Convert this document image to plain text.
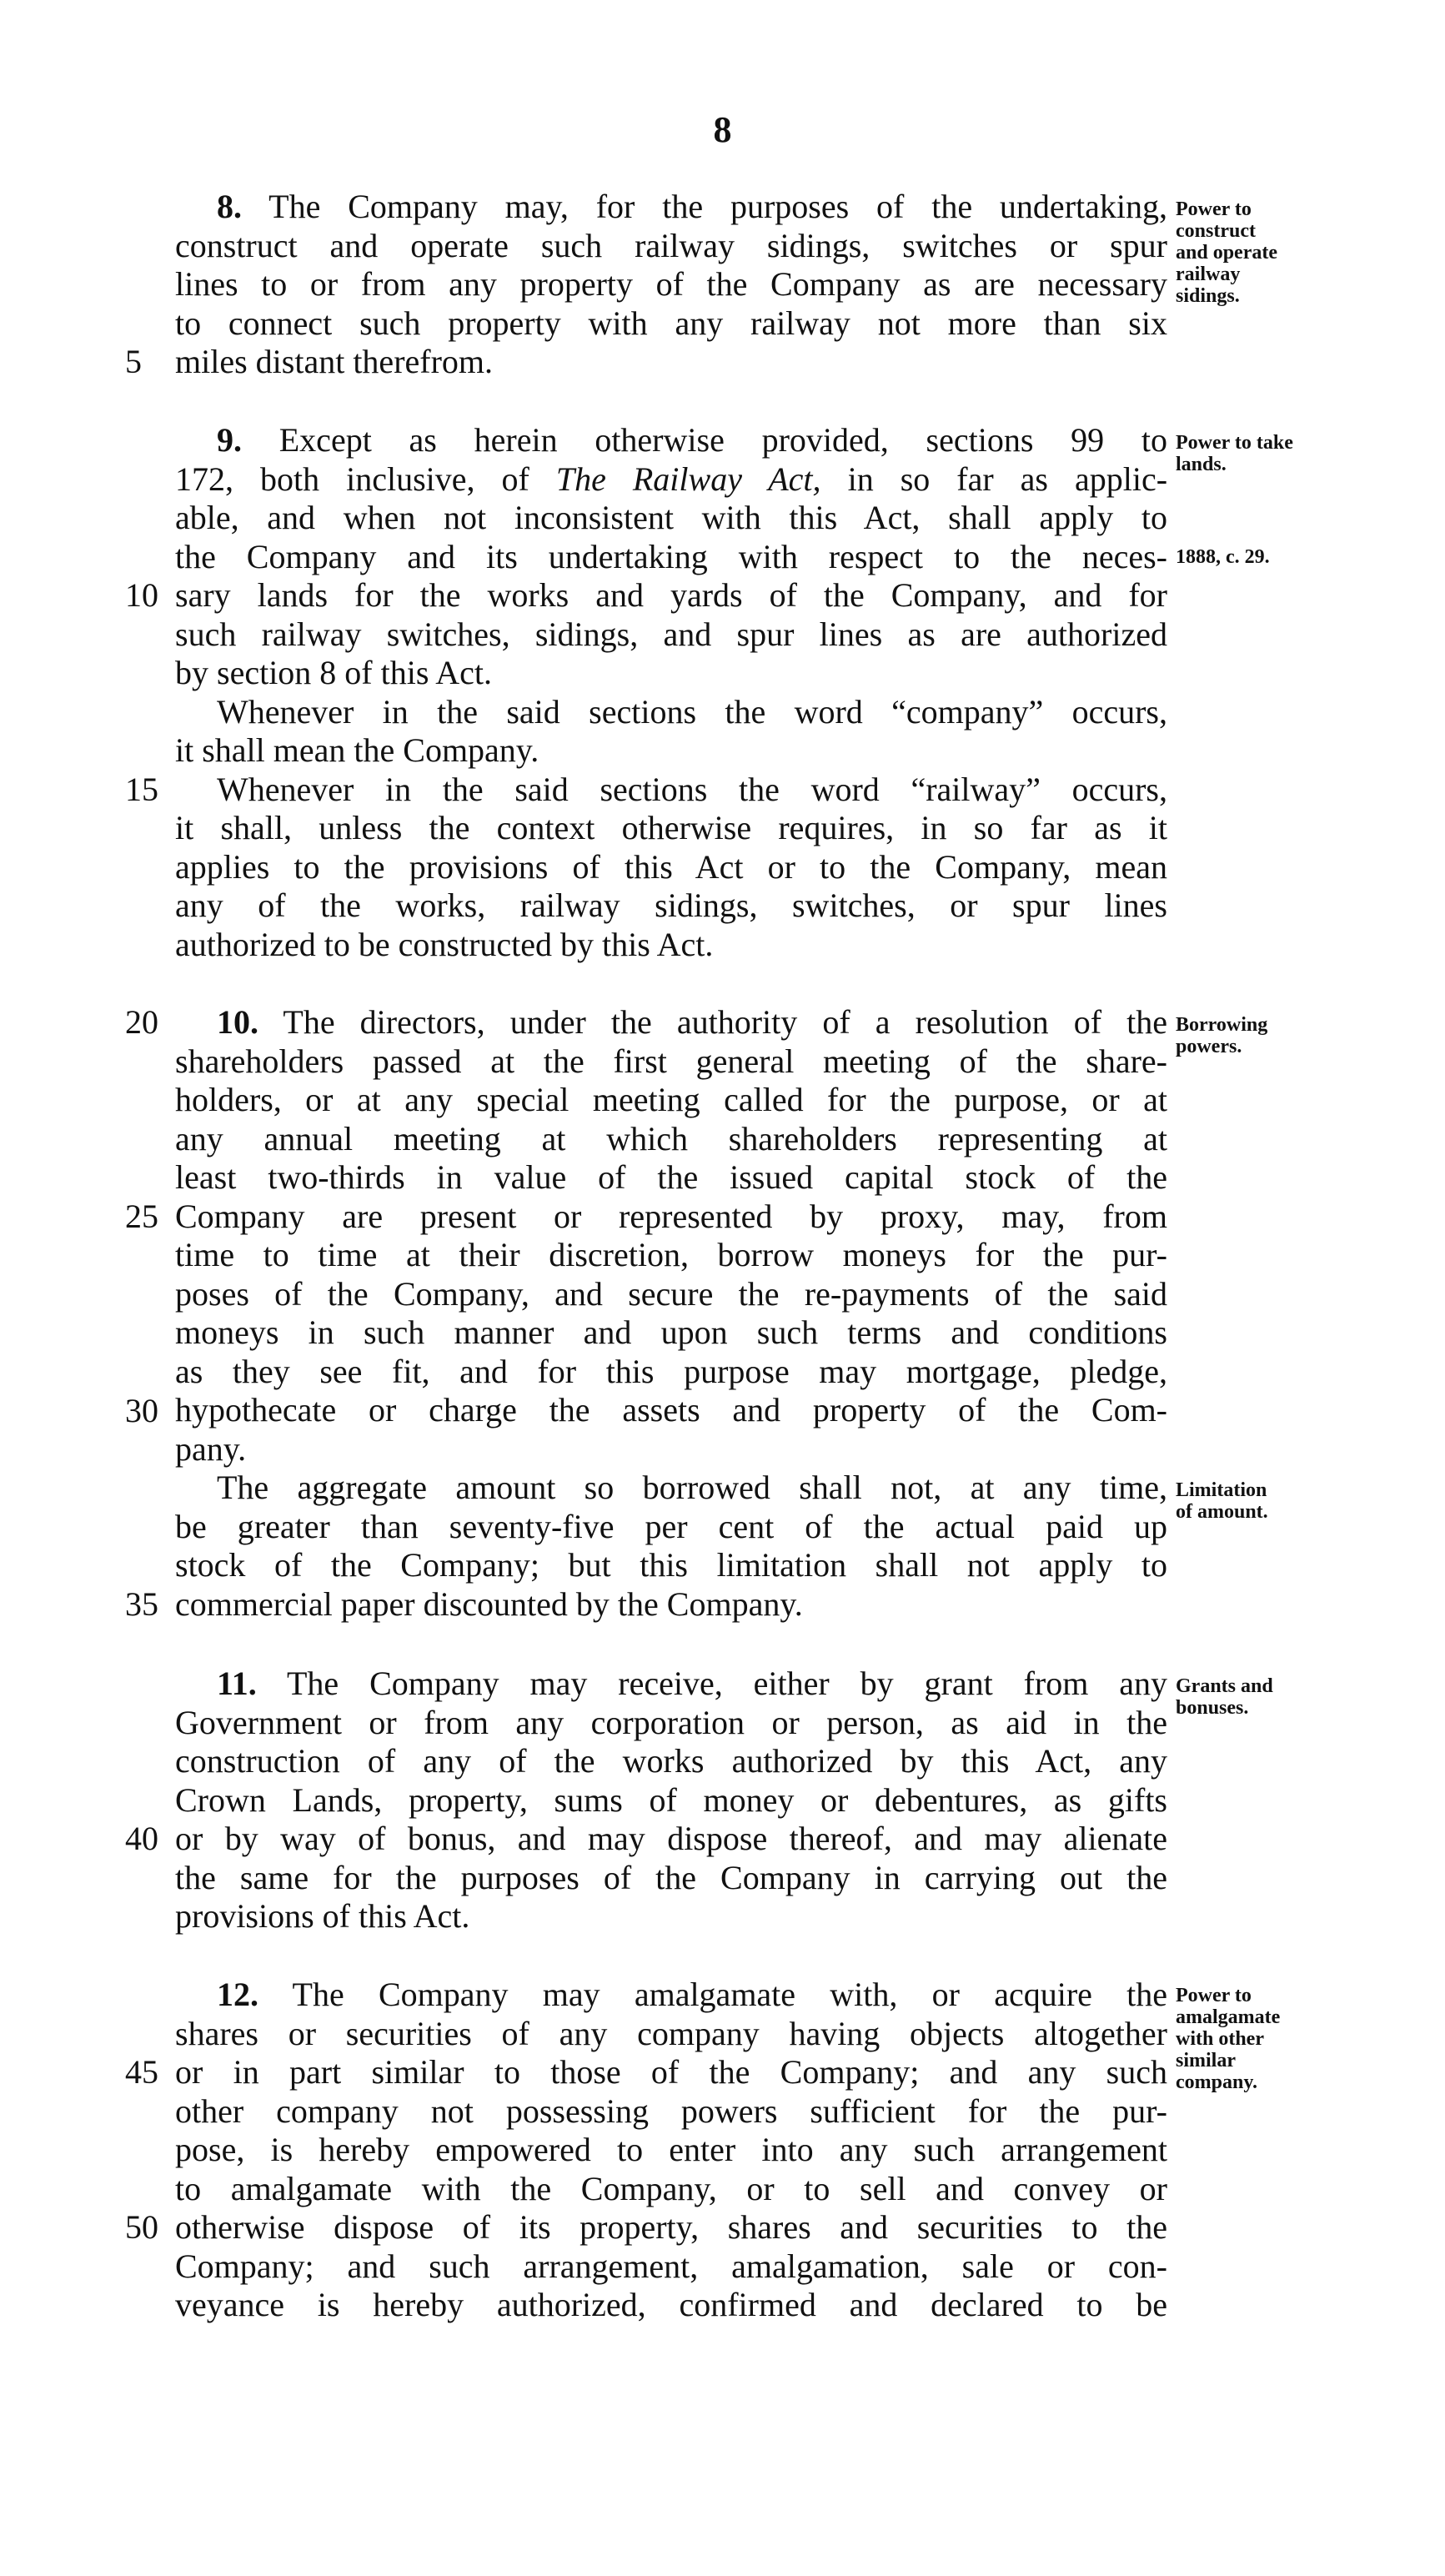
8
8. The Company may, for the purposes of the undertaking,
construct and operate such railway sidings, switches or spur
lines to or from any property of the Company as are necessary
to connect such property with any railway not more than six
miles distant therefrom.
Power to
construct
and operate
railway
sidings.
5
9. Except as herein otherwise provided, sections 99 to
172, both inclusive, of The Railway Act, in so far as applic-
able, and when not inconsistent with this Act, shall apply to
the Company and its undertaking with respect to the neces-
sary lands for the works and yards of the Company, and for
such railway switches, sidings, and spur lines as are authorized
by section 8 of this Act.
Whenever in the said sections the word “company” occurs,
it shall mean the Company.
Whenever in the said sections the word “railway” occurs,
it shall, unless the context otherwise requires, in so far as it
applies to the provisions of this Act or to the Company, mean
any of the works, railway sidings, switches, or spur lines
authorized to be constructed by this Act.
Power to take
lands.
1888, c. 29.
10
15
10. The directors, under the authority of a resolution of the
shareholders passed at the first general meeting of the share-
holders, or at any special meeting called for the purpose, or at
any annual meeting at which shareholders representing at
least two-thirds in value of the issued capital stock of the
Company are present or represented by proxy, may, from
time to time at their discretion, borrow moneys for the pur-
poses of the Company, and secure the re-payments of the said
moneys in such manner and upon such terms and conditions
as they see fit, and for this purpose may mortgage, pledge,
hypothecate or charge the assets and property of the Com-
pany.
The aggregate amount so borrowed shall not, at any time,
be greater than seventy-five per cent of the actual paid up
stock of the Company; but this limitation shall not apply to
commercial paper discounted by the Company.
Borrowing
powers.
Limitation
of amount.
20
25
30
35
11. The Company may receive, either by grant from any
Government or from any corporation or person, as aid in the
construction of any of the works authorized by this Act, any
Crown Lands, property, sums of money or debentures, as gifts
or by way of bonus, and may dispose thereof, and may alienate
the same for the purposes of the Company in carrying out the
provisions of this Act.
Grants and
bonuses.
40
12. The Company may amalgamate with, or acquire the
shares or securities of any company having objects altogether
or in part similar to those of the Company; and any such
other company not possessing powers sufficient for the pur-
pose, is hereby empowered to enter into any such arrangement
to amalgamate with the Company, or to sell and convey or
otherwise dispose of its property, shares and securities to the
Company; and such arrangement, amalgamation, sale or con-
veyance is hereby authorized, confirmed and declared to be
Power to
amalgamate
with other
similar
company.
45
50
